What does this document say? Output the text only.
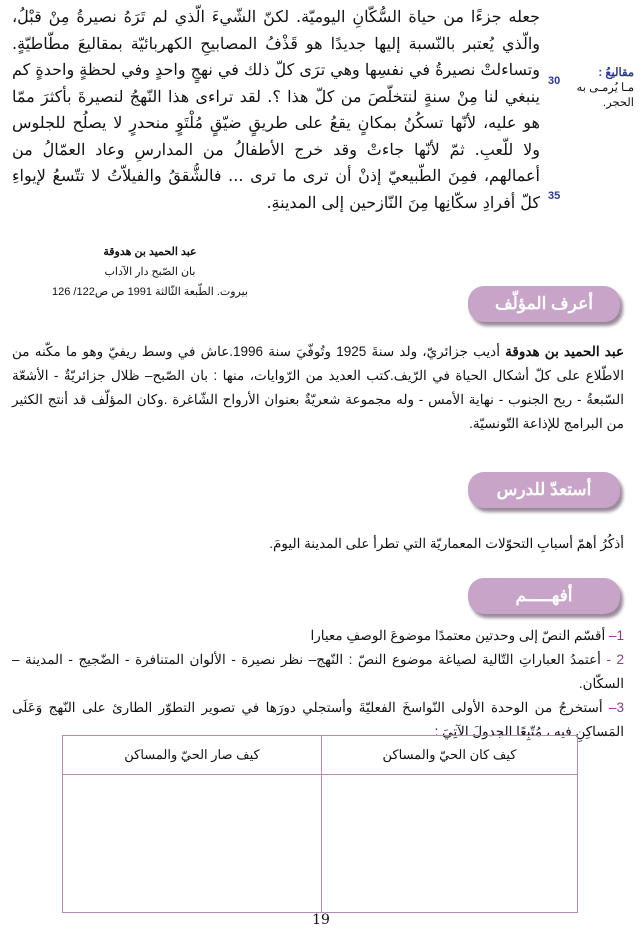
جعله جزءًا من حياة السُّكّانِ اليوميّة. لكنّ الشّيءَ الّذي لم تَرَهُ نصيرةُ مِنْ قبْلُ،

والّذي يُعتبر بالنّسبة إليها جديدًا هو قَذْفُ المصابيحِ الكهربائيّة بمقاليعَ مطّاطيّةٍ.

وتساءلتْ نصيرةُ في نفسِها وهي ترَى كلّ ذلك في نهجٍ واحدٍ وفي لحظةٍ واحدةٍ كم

ينبغي لنا مِنْ سنةٍ لنتخلّصَ من كلّ هذا ؟. لقد تراءى هذا النّهجُ لنصيرةَ بأكثرَ ممّا

هو عليه، لأنّها تسكُنُ بمكانٍ يقعُ على طريقٍ ضيّقٍ مُلْتَوٍ منحدرٍ لا يصلُح للجلوس

ولا للّعبِ. ثمّ لأنّها جاءتْ وقد خرج الأطفالُ من المدارسِ وعاد العمّالُ من

أعمالهم، فمِنَ الطّبيعيّ إذنْ أن ترى ما ترى ... فالشُّققُ والفيلاّتُ لا تتّسعُ لإيواءِ

كلّ أفرادِ سكّانِها مِنَ النّازحين إلى المدينةِ.

30
35
مقاليعُ :
مـا يُرمـى به الحجر.
عبد الحميد بن هدوقة
بان الصّبح دار الآداب
بيروت. الطّبعة الثّالثة 1991 ص ص122/ 126
أعرف المؤلّف

عبد الحميد بن هدوقة أديب جزائريّ، ولد سنةَ 1925 وتُوفّيَ سنة 1996.عاش في وسط ريفيّ وهو ما مكّنه من الاطّلاع على كلّ أشكال الحياة في الرّيف.كتب العديد من الرّوايات، منها : بان الصّبح– ظلال جزائريّةٌ - الأشعّة السّبعةُ - ريح الجنوب - نهاية الأمس - وله مجموعة شعريّةٌ بعنوان الأرواح الشّاغرة .وكان المؤلّف قد أنتج الكثير من البرامج للإذاعة التّونسيّة.

أستعدّ للدرس
أذكُرُ أهمّ أسبابِ التحوّلات المعماريّة التي تطرأ على المدينة اليومَ.
أفهـــــم

1– أقسّم النصّ إلى وحدتين معتمدًا موضوعَ الوصفِ معيارا

2 - أعتمدُ العباراتِ التّالية لصياغة موضوع النصّ : النّهج– نظر نصيرة - الألوان المتنافرة - الضّجيج - المدينة – السكّان.

3– أستخرجُ من الوحدة الأولى النّواسخَ الفعليّةَ وأستجلي دورَها في تصوير التطوّر الطارئ على النّهج وَعَلَى المَساكِنِ فيه ، مُتّبِعًا الجدولَ الآتِيَ :

كيف كان الحيّ والمساكن	كيف صار الحيّ والمساكن

19
